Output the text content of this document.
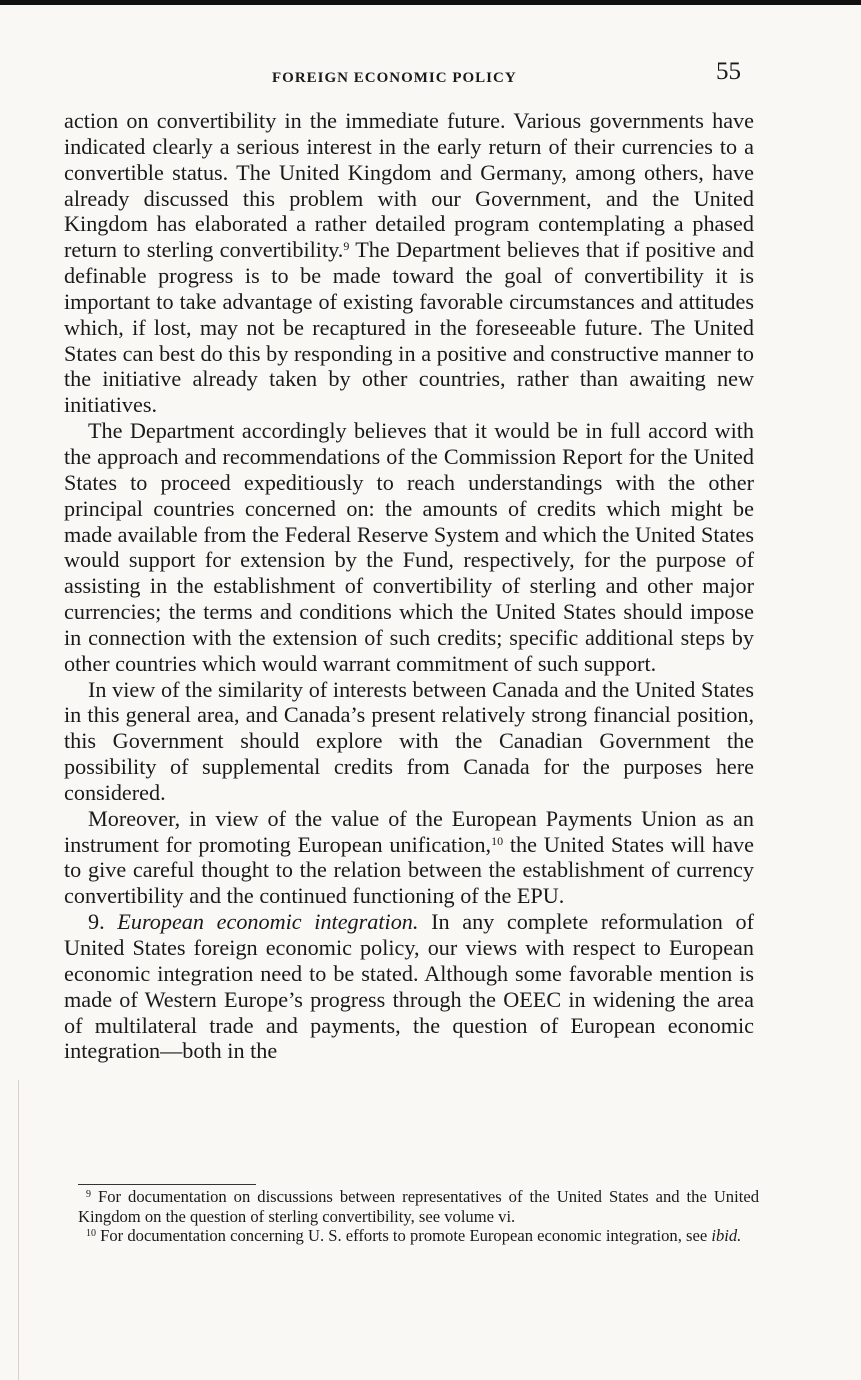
FOREIGN ECONOMIC POLICY	55

action on convertibility in the immediate future. Various governments have indicated clearly a serious interest in the early return of their currencies to a convertible status. The United Kingdom and Germany, among others, have already discussed this problem with our Government, and the United Kingdom has elaborated a rather detailed program contemplating a phased return to sterling convertibility.$^9$ The Department believes that if positive and definable progress is to be made toward the goal of convertibility it is important to take advantage of existing favorable circumstances and attitudes which, if lost, may not be recaptured in the foreseeable future. The United States can best do this by responding in a positive and constructive manner to the initiative already taken by other countries, rather than awaiting new initiatives.

The Department accordingly believes that it would be in full accord with the approach and recommendations of the Commission Report for the United States to proceed expeditiously to reach understandings with the other principal countries concerned on: the amounts of credits which might be made available from the Federal Reserve System and which the United States would support for extension by the Fund, respectively, for the purpose of assisting in the establishment of convertibility of sterling and other major currencies; the terms and conditions which the United States should impose in connection with the extension of such credits; specific additional steps by other countries which would warrant commitment of such support.

In view of the similarity of interests between Canada and the United States in this general area, and Canada’s present relatively strong financial position, this Government should explore with the Canadian Government the possibility of supplemental credits from Canada for the purposes here considered.

Moreover, in view of the value of the European Payments Union as an instrument for promoting European unification,$^{10}$ the United States will have to give careful thought to the relation between the establishment of currency convertibility and the continued functioning of the EPU.

9. European economic integration. In any complete reformulation of United States foreign economic policy, our views with respect to European economic integration need to be stated. Although some favorable mention is made of Western Europe’s progress through the OEEC in widening the area of multilateral trade and payments, the question of European economic integration—both in the

$^9$ For documentation on discussions between representatives of the United States and the United Kingdom on the question of sterling convertibility, see volume vi.

$^{10}$ For documentation concerning U. S. efforts to promote European economic integration, see ibid.
